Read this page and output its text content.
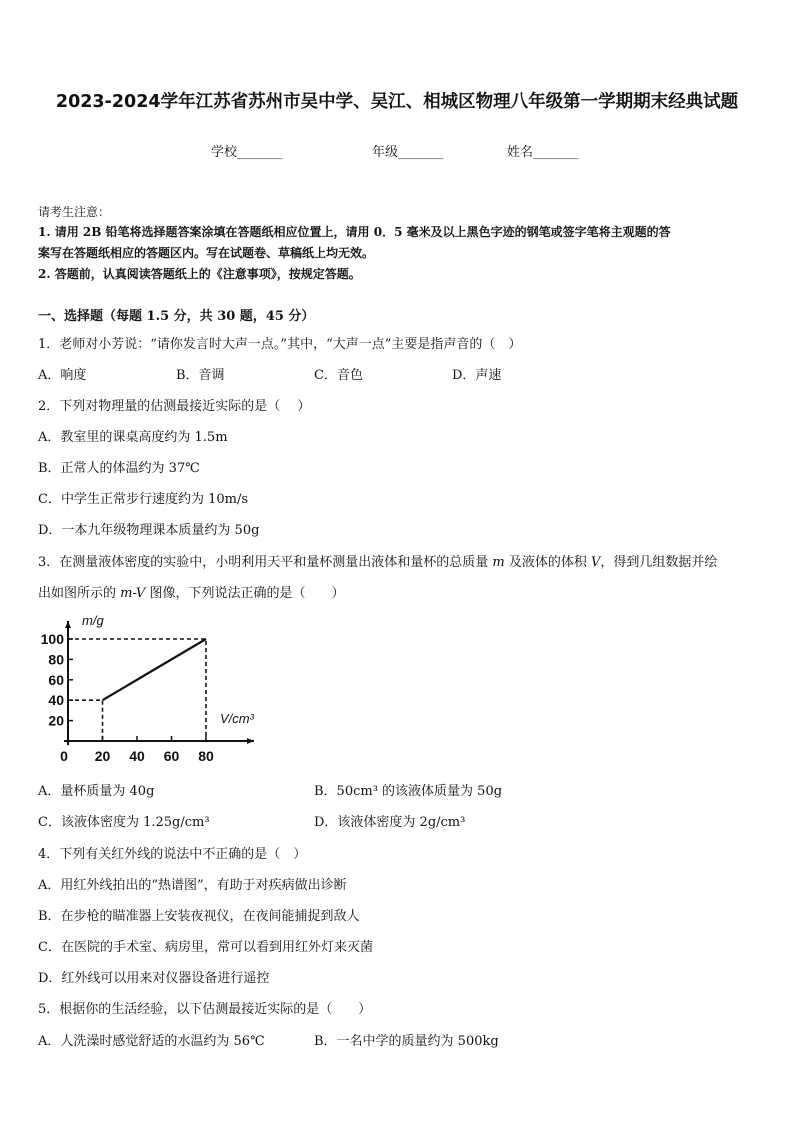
2023-2024学年江苏省苏州市吴中学、吴江、相城区物理八年级第一学期期末经典试题
学校_______	年级_______	姓名_______
请考生注意：
1. 请用 2B 铅笔将选择题答案涂填在答题纸相应位置上，请用 0．5 毫米及以上黑色字迹的钢笔或签字笔将主观题的答
案写在答题纸相应的答题区内。写在试题卷、草稿纸上均无效。
2. 答题前，认真阅读答题纸上的《注意事项》，按规定答题。
一、选择题（每题 1.5 分，共 30 题，45 分）
1．老师对小芳说：“请你发言时大声一点。”其中，“大声一点”主要是指声音的（　）
A．响度	B．音调	C．音色	D．声速
2．下列对物理量的估测最接近实际的是（　 ）
A．教室里的课桌高度约为 1.5m
B．正常人的体温约为 37℃
C．中学生正常步行速度约为 10m/s
D．一本九年级物理课本质量约为 50g
3．在测量液体密度的实验中，小明利用天平和量杯测量出液体和量杯的总质量 m 及液体的体积 V，得到几组数据并绘
出如图所示的 m-V 图像，下列说法正确的是（　　）
20
40
60
80
100
0 20 40 60 80
m/g
V/cm³
A．量杯质量为 40g	B．50cm³ 的该液体质量为 50g
C．该液体密度为 1.25g/cm³	D．该液体密度为 2g/cm³
4．下列有关红外线的说法中不正确的是（　）
A．用红外线拍出的“热谱图”，有助于对疾病做出诊断
B．在步枪的瞄准器上安装夜视仪，在夜间能捕捉到敌人
C．在医院的手术室、病房里，常可以看到用红外灯来灭菌
D．红外线可以用来对仪器设备进行遥控
5．根据你的生活经验，以下估测最接近实际的是（　　）
A．人洗澡时感觉舒适的水温约为 56℃	B．一名中学的质量约为 500kg
